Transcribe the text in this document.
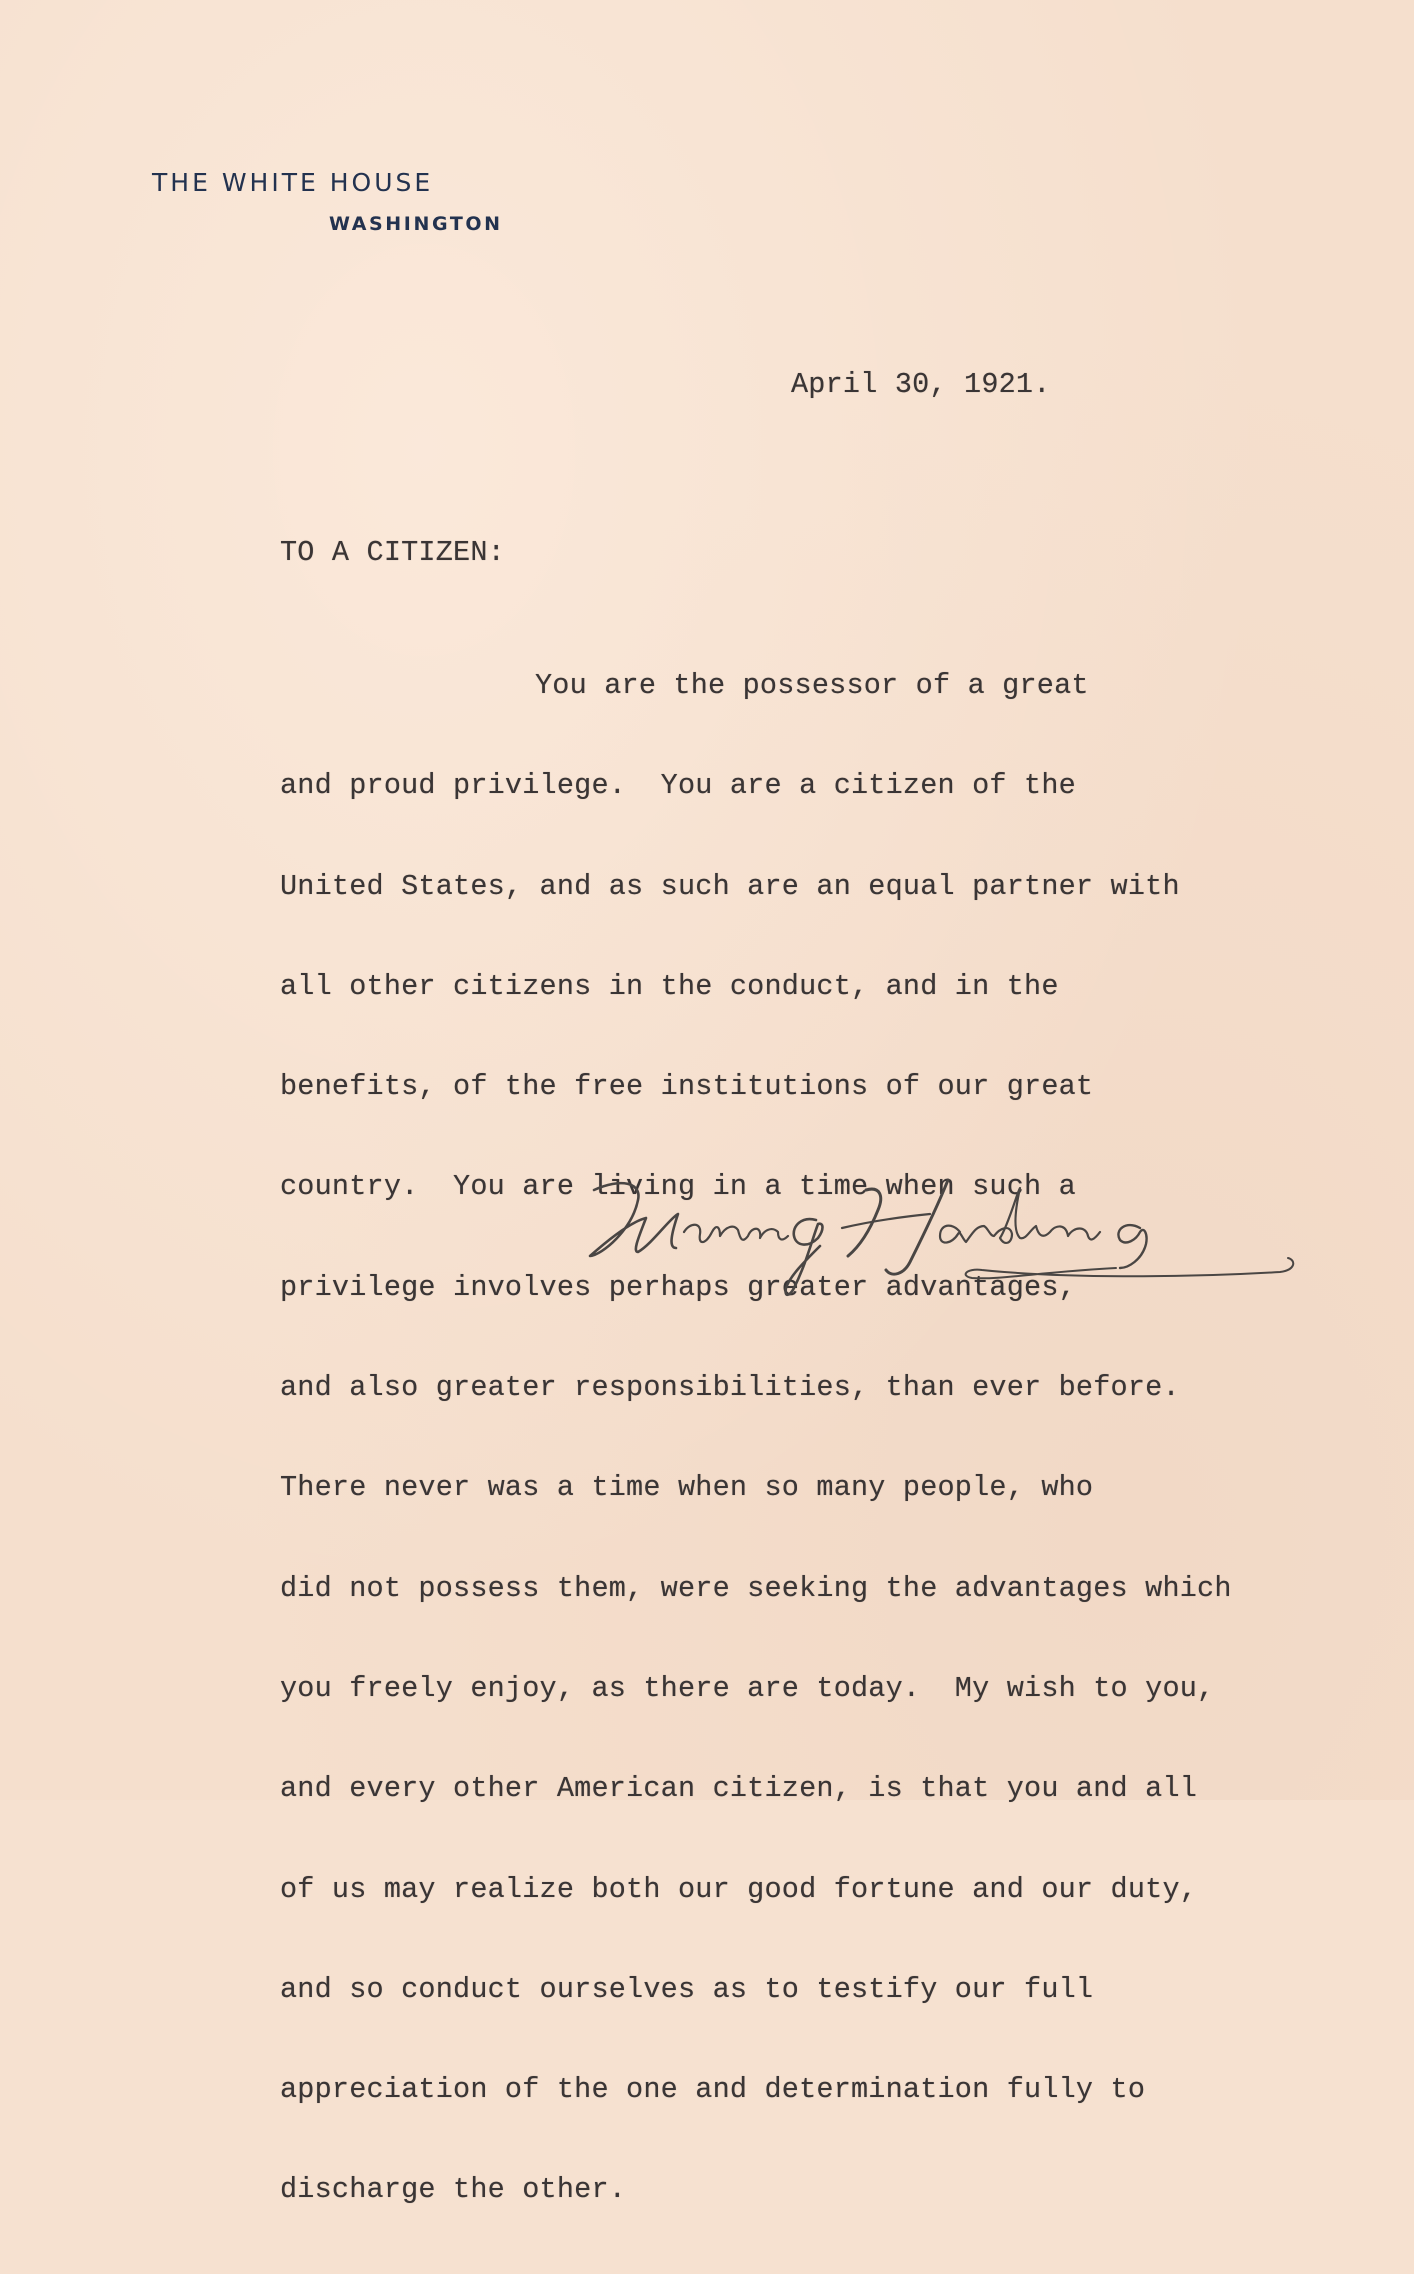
THE WHITE HOUSE
WASHINGTON

April 30, 1921.

TO A CITIZEN:

You are the possessor of a great

and proud privilege.  You are a citizen of the

United States, and as such are an equal partner with

all other citizens in the conduct, and in the

benefits, of the free institutions of our great

country.  You are living in a time when such a

privilege involves perhaps greater advantages,

and also greater responsibilities, than ever before.

There never was a time when so many people, who

did not possess them, were seeking the advantages which

you freely enjoy, as there are today.  My wish to you,

and every other American citizen, is that you and all

of us may realize both our good fortune and our duty,

and so conduct ourselves as to testify our full

appreciation of the one and determination fully to

discharge the other.
